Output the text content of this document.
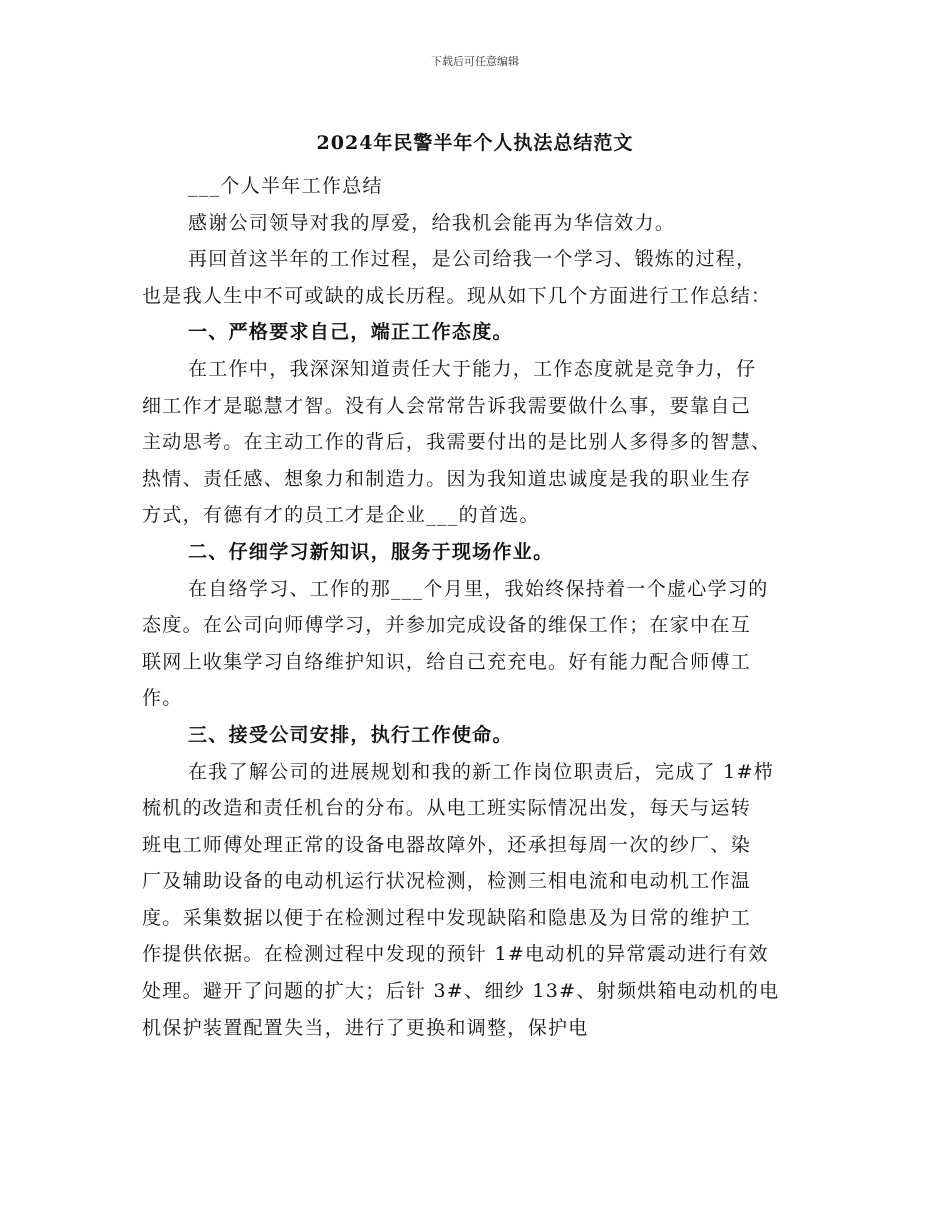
下载后可任意编辑
2024年民警半年个人执法总结范文
___个人半年工作总结
感谢公司领导对我的厚爱，给我机会能再为华信效力。
再回首这半年的工作过程，是公司给我一个学习、锻炼的过程，
也是我人生中不可或缺的成长历程。现从如下几个方面进行工作总结：
一、严格要求自己，端正工作态度。
在工作中，我深深知道责任大于能力，工作态度就是竞争力，仔
细工作才是聪慧才智。没有人会常常告诉我需要做什么事，要靠自己
主动思考。在主动工作的背后，我需要付出的是比别人多得多的智慧、
热情、责任感、想象力和制造力。因为我知道忠诚度是我的职业生存
方式，有德有才的员工才是企业___的首选。
二、仔细学习新知识，服务于现场作业。
在自络学习、工作的那___个月里，我始终保持着一个虚心学习的
态度。在公司向师傅学习，并参加完成设备的维保工作；在家中在互
联网上收集学习自络维护知识，给自己充充电。好有能力配合师傅工
作。
三、接受公司安排，执行工作使命。
在我了解公司的进展规划和我的新工作岗位职责后，完成了 1#栉
梳机的改造和责任机台的分布。从电工班实际情况出发，每天与运转
班电工师傅处理正常的设备电器故障外，还承担每周一次的纱厂、染
厂及辅助设备的电动机运行状况检测，检测三相电流和电动机工作温
度。采集数据以便于在检测过程中发现缺陷和隐患及为日常的维护工
作提供依据。在检测过程中发现的预针 1#电动机的异常震动进行有效
处理。避开了问题的扩大；后针 3#、细纱 13#、射频烘箱电动机的电
机保护装置配置失当，进行了更换和调整，保护电
